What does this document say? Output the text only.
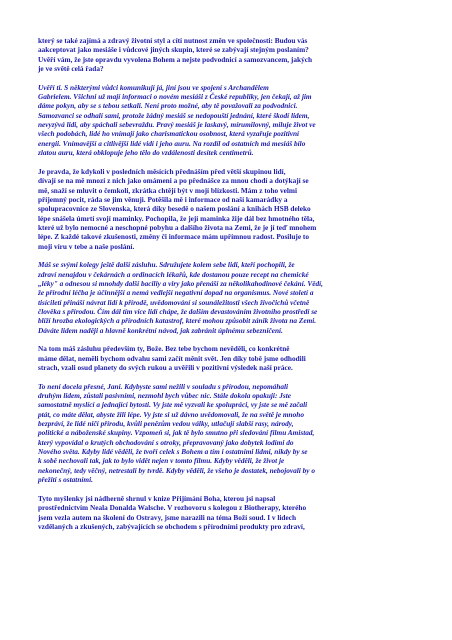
který se také zajímá a zdravý životní styl a cítí nutnost změn ve společnosti: Budou vás
aakceptovat jako mesiáše i vůdcové jiných skupin, které se zabývají stejným poslaním?
Uvěří vám, že jste opravdu vyvolena Bohem a nejste podvodnicí a samozvancem, jakých
je ve světě celá řada?

Uvěří ti. S některými vůdci komunikují já, jiní jsou ve spojení s Archandělem
Gabrielem. Všichni už mají informaci o novém mesiáši z České republiky, jen čekají, až jim
dáme pokyn, aby se s tebou setkali. Není proto možné, aby tě považovali za podvodnici.
Samozvanci se odhalí sami, protože žádný mesiáš se nedopouští jednání, které škodí lidem,
nevyzývá lidi, aby spáchali sebevraždu. Pravý mesiáš je laskavý, mírumilovný, miluje život ve
všech podobách, lidé ho vnímají jako charismatickou osobnost, která vyzařuje pozitivní
energii. Vnímavější a citlivější lidé vidí i jeho auru. Na rozdíl od ostatních má mesiáš bílo
zlatou auru, která obklopuje jeho tělo do vzdálenosti desítek centimetrů.

Je pravda, že kdykoli v posledních měsících přednáším před větší skupinou lidí,
dívají se na mě mnozí z nich jako omámeni a po přednášce za mnou chodí a dotýkají se
mě, snaží se mluvit o čemkoli, zkrátka chtějí být v mojí blízkosti. Mám z toho velmi
příjemný pocit, ráda se jim věnuji. Potěšila mě i informace od naší kamarádky a
spolupracovnice ze Slovenska, která díky besedě o našem poslání a knihách HSB delekо
lépe snášela úmrtí svojí maminky. Pochopila, že její maminka žije dál bez hmotného těla,
které už bylo nemocné a neschopné pobyhu a dalšího života na Zemi, že je jí teď mnohem
lépe. Z každé takové zkušenosti, změny či informace mám upřímnou radost. Posiluje to
moji víru v tebe a naše poslání.

Máš se svými kolegy ještě další zásluhu. Sdružujete kolem sebe lidi, kteří pochopili, že
zdraví nenajdou v čekárnách a ordinacích lékařů, kde dostanou pouze recept na chemické
„léky" a odnesou si mnohdy další baciliy a viry jako přenáší za několikahodinové čekání. Vědí,
že přírodní léčba je účinnější a nemá vedlejší negativní dopad na organismus. Nové století a
tisíciletí přináší návrat lidí k přírodě, uvědomování si sounáležitosti všech živočichů včetně
člověka s přírodou. Čím dál tím více lidí chápe, že dalším devastováním životního prostředí se
blíží hrozba ekologických a přírodních katastrof, které mohou způsobit zánik života na Zemi.
Dáváte lidem naději a hlavně konkrétní návod, jak zabránit úplnému sebezničení.

Na tom máš zásluhu především ty, Bože. Bez tebe bychom nevěděli, co konkrétně
máme dělat, neměli bychom odvahu sami začít měnit svět. Jen díky tobě jsme odhodili
strach, vzali osud planety do svých rukou a uvěřili v pozitivní výsledek naší práce.

To není docela přesné, Jani. Kdybyste sami nežili v souladu s přírodou, nepomáhali
druhým lidem, zůstali pasivními, nezmohl bych vůbec nic. Stále dokola opakuji: Jste
samostatně myslící a jednající bytosti. Vy jste mě vyzvali ke spolupráci, vy jste se mě začali
ptát, co máte dělat, abyste žili lépe. Vy jste si už dávno uvědomovali, že na světě je mnoho
bezpráví, že lidé ničí přírodu, kvůli penězům vedou války, utlačují slabší rasy, národy,
politické a náboženské skupiny. Vzpomeň si, jak tě bylo smutno při sledování filmu Amistad,
který vypovídal o krutých obchodování s otroky, přepravovaný jako dobytek lodími do
Nového světa. Kdyby lidé věděli, že tvoří celek s Bohem a tím i ostatními lidmi, nikdy by se
k sobě nechovali tak, jak to bylo vidět nejen v tomto filmu. Kdyby věděli, že život je
nekonečný, tedy věčný, netrestali by tvrdě. Kdyby věděli, že všeho je dostatek, nebojovali by o
přežití s ostatními.

Tyto myšlenky jsi nádherně shrnul v knize Přijímání Boha, kterou jsi napsal
prostřednictvím Neala Donalda Walsche. V rozhovoru s kolegou z Biotherapy, kterého
jsem vezla autem na školení do Ostravy, jsme narazili na téma Boží soud. I v lidech
vzdělaných a zkušených, zabývajících se obchodem s přírodními produkty pro zdraví,
